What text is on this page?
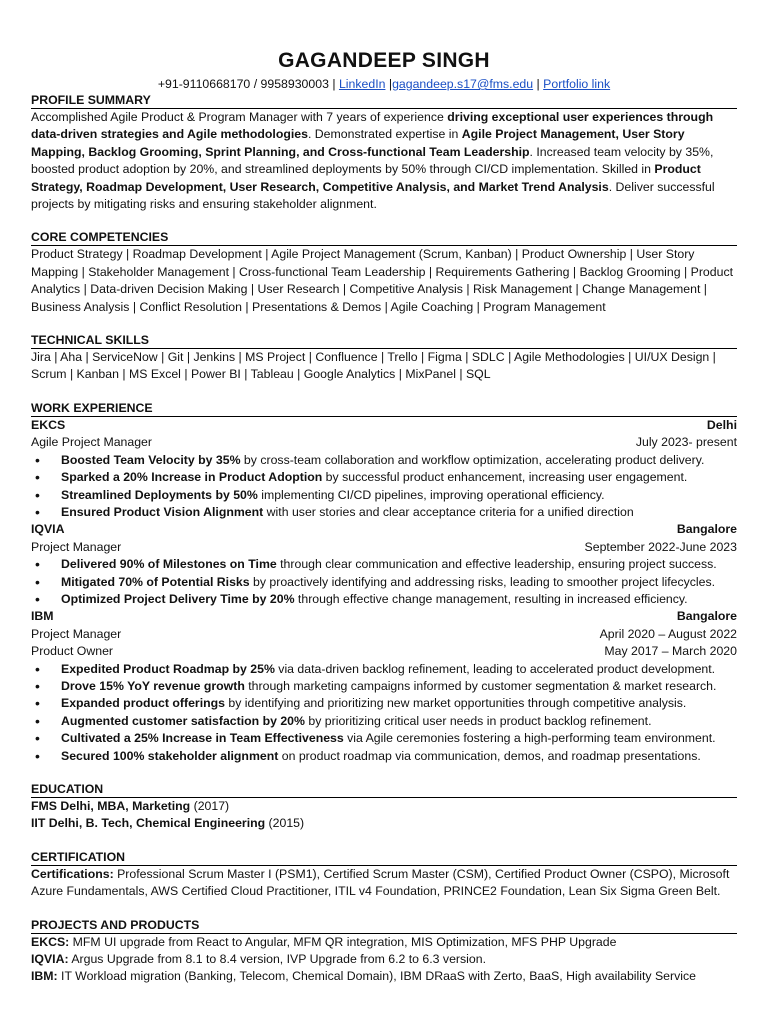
GAGANDEEP SINGH
+91-9110668170 / 9958930003 | LinkedIn |gagandeep.s17@fms.edu | Portfolio link
PROFILE SUMMARY
Accomplished Agile Product & Program Manager with 7 years of experience driving exceptional user experiences through data-driven strategies and Agile methodologies. Demonstrated expertise in Agile Project Management, User Story Mapping, Backlog Grooming, Sprint Planning, and Cross-functional Team Leadership. Increased team velocity by 35%, boosted product adoption by 20%, and streamlined deployments by 50% through CI/CD implementation. Skilled in Product Strategy, Roadmap Development, User Research, Competitive Analysis, and Market Trend Analysis. Deliver successful projects by mitigating risks and ensuring stakeholder alignment.
CORE COMPETENCIES
Product Strategy | Roadmap Development | Agile Project Management (Scrum, Kanban) | Product Ownership | User Story Mapping | Stakeholder Management | Cross-functional Team Leadership | Requirements Gathering | Backlog Grooming | Product Analytics | Data-driven Decision Making | User Research | Competitive Analysis | Risk Management | Change Management | Business Analysis | Conflict Resolution | Presentations & Demos | Agile Coaching | Program Management
TECHNICAL SKILLS
Jira | Aha | ServiceNow | Git | Jenkins | MS Project | Confluence | Trello | Figma | SDLC | Agile Methodologies | UI/UX Design | Scrum | Kanban | MS Excel | Power BI | Tableau | Google Analytics | MixPanel | SQL
WORK EXPERIENCE
EKCS	Delhi
Agile Project Manager	July 2023- present
• Boosted Team Velocity by 35% by cross-team collaboration and workflow optimization, accelerating product delivery.
• Sparked a 20% Increase in Product Adoption by successful product enhancement, increasing user engagement.
• Streamlined Deployments by 50% implementing CI/CD pipelines, improving operational efficiency.
• Ensured Product Vision Alignment with user stories and clear acceptance criteria for a unified direction
IQVIA	Bangalore
Project Manager	September 2022-June 2023
• Delivered 90% of Milestones on Time through clear communication and effective leadership, ensuring project success.
• Mitigated 70% of Potential Risks by proactively identifying and addressing risks, leading to smoother project lifecycles.
• Optimized Project Delivery Time by 20% through effective change management, resulting in increased efficiency.
IBM	Bangalore
Project Manager	April 2020 – August 2022
Product Owner	May 2017 – March 2020
• Expedited Product Roadmap by 25% via data-driven backlog refinement, leading to accelerated product development.
• Drove 15% YoY revenue growth through marketing campaigns informed by customer segmentation & market research.
• Expanded product offerings by identifying and prioritizing new market opportunities through competitive analysis.
• Augmented customer satisfaction by 20% by prioritizing critical user needs in product backlog refinement.
• Cultivated a 25% Increase in Team Effectiveness via Agile ceremonies fostering a high-performing team environment.
• Secured 100% stakeholder alignment on product roadmap via communication, demos, and roadmap presentations.
EDUCATION
FMS Delhi, MBA, Marketing (2017)
IIT Delhi, B. Tech, Chemical Engineering (2015)
CERTIFICATION
Certifications: Professional Scrum Master I (PSM1), Certified Scrum Master (CSM), Certified Product Owner (CSPO), Microsoft Azure Fundamentals, AWS Certified Cloud Practitioner, ITIL v4 Foundation, PRINCE2 Foundation, Lean Six Sigma Green Belt.
PROJECTS AND PRODUCTS
EKCS: MFM UI upgrade from React to Angular, MFM QR integration, MIS Optimization, MFS PHP Upgrade
IQVIA: Argus Upgrade from 8.1 to 8.4 version, IVP Upgrade from 6.2 to 6.3 version.
IBM: IT Workload migration (Banking, Telecom, Chemical Domain), IBM DRaaS with Zerto, BaaS, High availability Service
